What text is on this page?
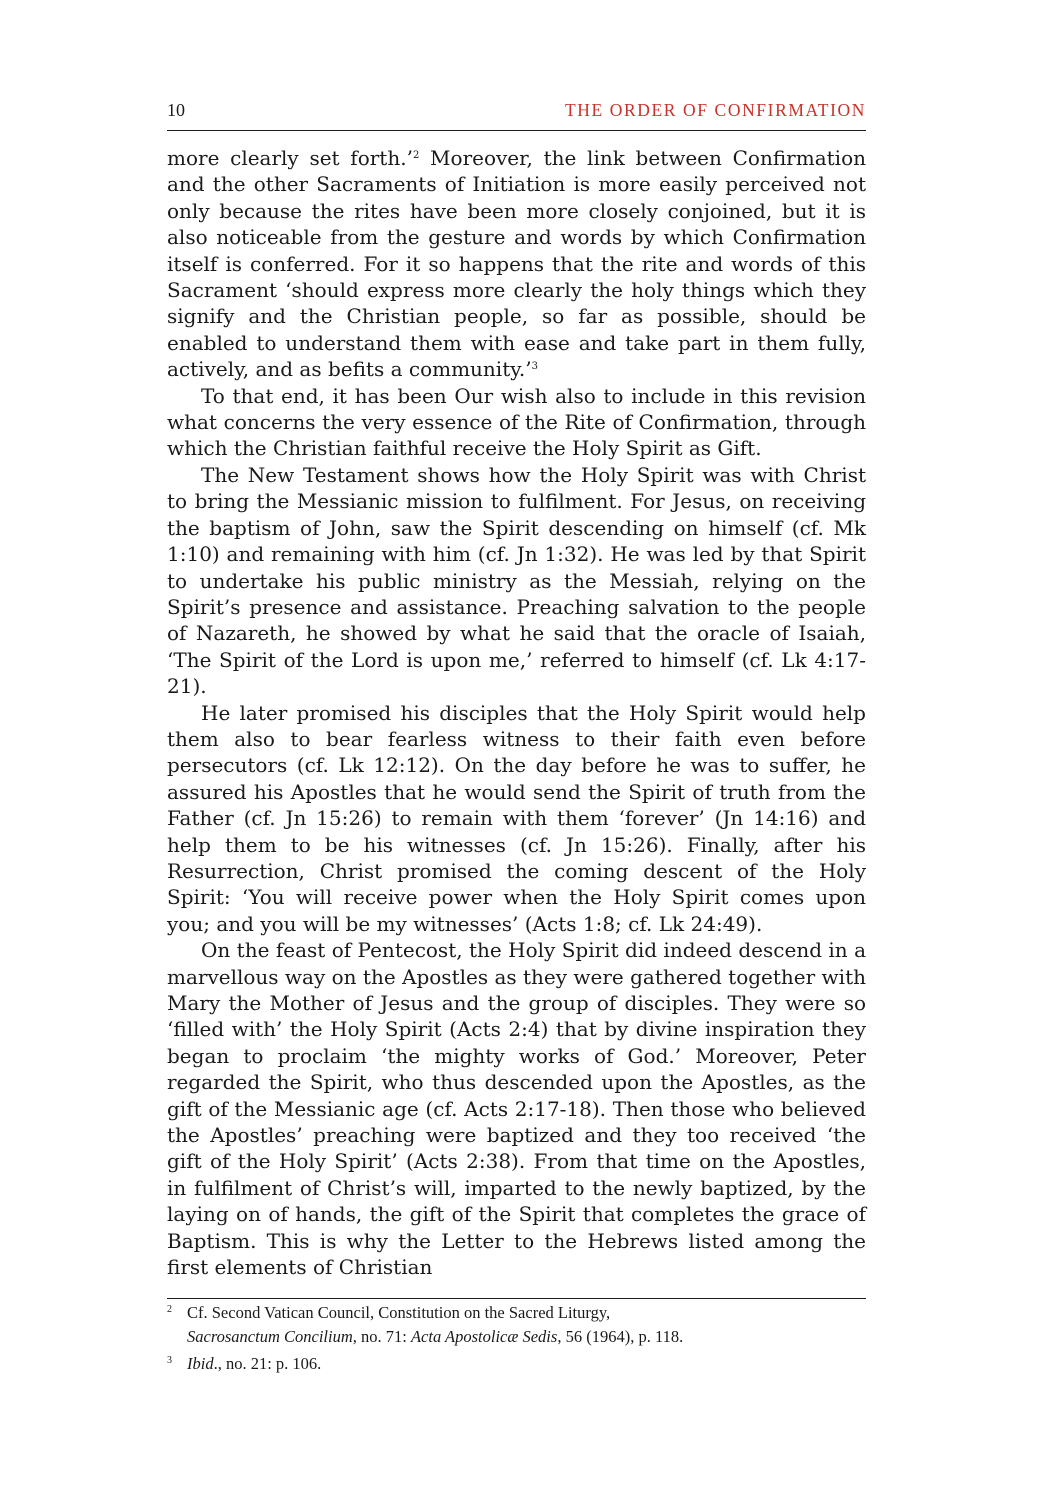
10	THE ORDER OF CONFIRMATION

more clearly set forth.’$^2$ Moreover, the link between Confirmation and the other Sacraments of Initiation is more easily perceived not only because the rites have been more closely conjoined, but it is also noticeable from the gesture and words by which Confirmation itself is conferred. For it so happens that the rite and words of this Sacrament ‘should express more clearly the holy things which they signify and the Christian people, so far as possible, should be enabled to understand them with ease and take part in them fully, actively, and as befits a community.’$^3$

To that end, it has been Our wish also to include in this revision what concerns the very essence of the Rite of Confirmation, through which the Christian faithful receive the Holy Spirit as Gift.

The New Testament shows how the Holy Spirit was with Christ to bring the Messianic mission to fulfilment. For Jesus, on receiving the baptism of John, saw the Spirit descending on himself (cf. Mk 1:10) and remaining with him (cf. Jn 1:32). He was led by that Spirit to undertake his public ministry as the Messiah, relying on the Spirit’s presence and assistance. Preaching salvation to the people of Nazareth, he showed by what he said that the oracle of Isaiah, ‘The Spirit of the Lord is upon me,’ referred to himself (cf. Lk 4:17-21).

He later promised his disciples that the Holy Spirit would help them also to bear fearless witness to their faith even before persecutors (cf. Lk 12:12). On the day before he was to suffer, he assured his Apostles that he would send the Spirit of truth from the Father (cf. Jn 15:26) to remain with them ‘forever’ (Jn 14:16) and help them to be his witnesses (cf. Jn 15:26). Finally, after his Resurrection, Christ promised the coming descent of the Holy Spirit: ‘You will receive power when the Holy Spirit comes upon you; and you will be my witnesses’ (Acts 1:8; cf. Lk 24:49).

On the feast of Pentecost, the Holy Spirit did indeed descend in a marvellous way on the Apostles as they were gathered together with Mary the Mother of Jesus and the group of disciples. They were so ‘filled with’ the Holy Spirit (Acts 2:4) that by divine inspiration they began to proclaim ‘the mighty works of God.’ Moreover, Peter regarded the Spirit, who thus descended upon the Apostles, as the gift of the Messianic age (cf. Acts 2:17-18). Then those who believed the Apostles’ preaching were baptized and they too received ‘the gift of the Holy Spirit’ (Acts 2:38). From that time on the Apostles, in fulfilment of Christ’s will, imparted to the newly baptized, by the laying on of hands, the gift of the Spirit that completes the grace of Baptism. This is why the Letter to the Hebrews listed among the first elements of Christian

2 Cf. Second Vatican Council, Constitution on the Sacred Liturgy,
Sacrosanctum Concilium, no. 71: Acta Apostolicæ Sedis, 56 (1964), p. 118.
3 Ibid., no. 21: p. 106.
